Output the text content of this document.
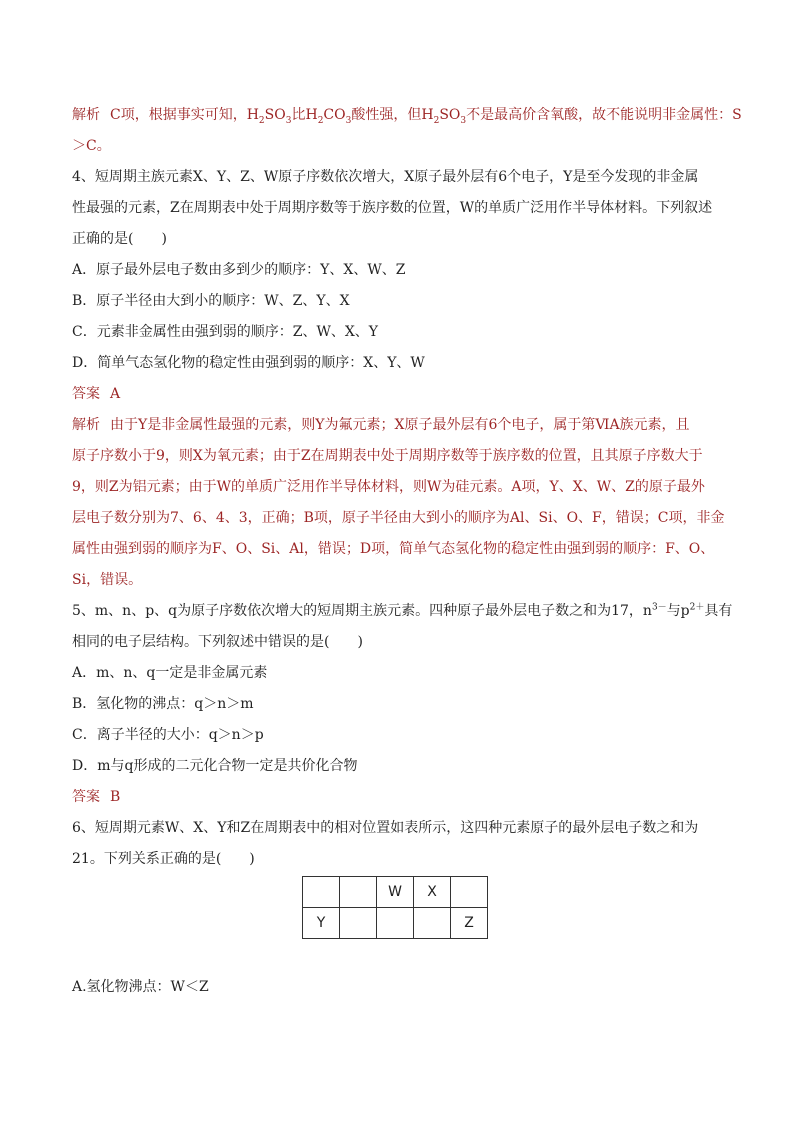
解析 C项，根据事实可知，$H_2SO_3$比$H_2CO_3$酸性强，但$H_2SO_3$不是最高价含氧酸，故不能说明非金属性：S

＞C。

4、短周期主族元素X、Y、Z、W原子序数依次增大，X原子最外层有6个电子，Y是至今发现的非金属

性最强的元素，Z在周期表中处于周期序数等于族序数的位置，W的单质广泛用作半导体材料。下列叙述

正确的是(　　)

A．原子最外层电子数由多到少的顺序：Y、X、W、Z

B．原子半径由大到小的顺序：W、Z、Y、X

C．元素非金属性由强到弱的顺序：Z、W、X、Y

D．简单气态氢化物的稳定性由强到弱的顺序：X、Y、W

答案 A

解析 由于Y是非金属性最强的元素，则Y为氟元素；X原子最外层有6个电子，属于第ⅥA族元素，且

原子序数小于9，则X为氧元素；由于Z在周期表中处于周期序数等于族序数的位置，且其原子序数大于

9，则Z为铝元素；由于W的单质广泛用作半导体材料，则W为硅元素。A项，Y、X、W、Z的原子最外

层电子数分别为7、6、4、3，正确；B项，原子半径由大到小的顺序为Al、Si、O、F，错误；C项，非金

属性由强到弱的顺序为F、O、Si、Al，错误；D项，简单气态氢化物的稳定性由强到弱的顺序：F、O、

Si，错误。

5、m、n、p、q为原子序数依次增大的短周期主族元素。四种原子最外层电子数之和为17，$n^{3-}$与$p^{2+}$具有

相同的电子层结构。下列叙述中错误的是(　　)

A．m、n、q一定是非金属元素

B．氢化物的沸点：q＞n＞m

C．离子半径的大小：q＞n＞p

D．m与q形成的二元化合物一定是共价化合物

答案 B

6、短周期元素W、X、Y和Z在周期表中的相对位置如表所示，这四种元素原子的最外层电子数之和为

21。下列关系正确的是(　　)

		W	X	
Y				Z

A.氢化物沸点：W＜Z
